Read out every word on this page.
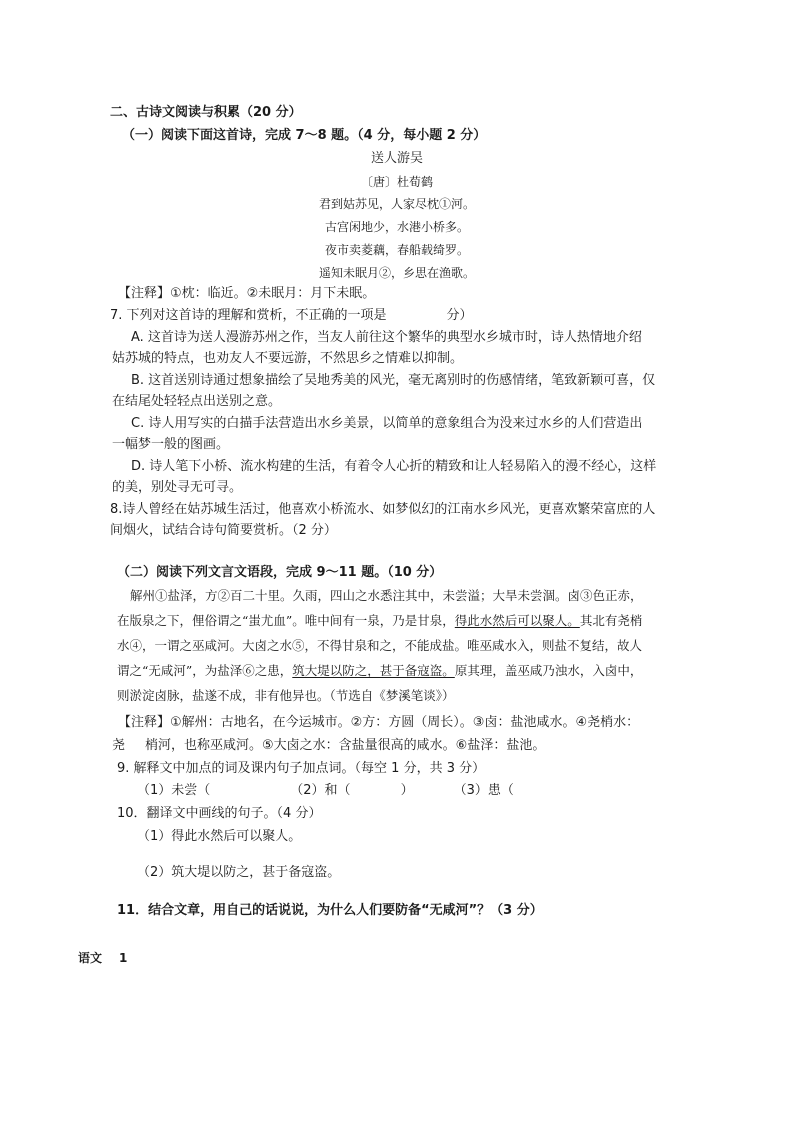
二、古诗文阅读与积累（20 分）
（一）阅读下面这首诗，完成 7～8 题。（4 分，每小题 2 分）
送人游吴
〔唐〕杜荀鹤
君到姑苏见，人家尽枕①河。
古宫闲地少，水港小桥多。
夜市卖菱藕，春船载绮罗。
遥知未眠月②，乡思在渔歌。
【注释】①枕：临近。②未眠月：月下未眠。
7. 下列对这首诗的理解和赏析，不正确的一项是	分）
A. 这首诗为送人漫游苏州之作，当友人前往这个繁华的典型水乡城市时，诗人热情地介绍
姑苏城的特点，也劝友人不要远游，不然思乡之情难以抑制。
B. 这首送别诗通过想象描绘了吴地秀美的风光，毫无离别时的伤感情绪，笔致新颖可喜，仅
在结尾处轻轻点出送别之意。
C. 诗人用写实的白描手法营造出水乡美景，以简单的意象组合为没来过水乡的人们营造出
一幅梦一般的图画。
D. 诗人笔下小桥、流水构建的生活，有着令人心折的精致和让人轻易陷入的漫不经心，这样
的美，别处寻无可寻。
8.诗人曾经在姑苏城生活过，他喜欢小桥流水、如梦似幻的江南水乡风光，更喜欢繁荣富庶的人
间烟火，试结合诗句简要赏析。（2 分）
（二）阅读下列文言文语段，完成 9～11 题。（10 分）
解州①盐泽，方②百二十里。久雨，四山之水悉注其中，未尝溢；大旱未尝涸。卤③色正赤，
在版泉之下，俚俗谓之“蚩尤血”。唯中间有一泉，乃是甘泉，得此水然后可以聚人。其北有尧梢
水④，一谓之巫咸河。大卤之水⑤，不得甘泉和之，不能成盐。唯巫咸水入，则盐不复结，故人
谓之“无咸河”，为盐泽⑥之患，筑大堤以防之，甚于备寇盗。原其理，盖巫咸乃浊水，入卤中，
则淤淀卤脉，盐遂不成，非有他异也。（节选自《梦溪笔谈》）
【注释】①解州：古地名，在今运城市。②方：方圆（周长）。③卤：盐池咸水。④尧梢水：
尧 梢河，也称巫咸河。⑤大卤之水：含盐量很高的咸水。⑥盐泽：盐池。
9. 解释文中加点的词及课内句子加点词。（每空 1 分，共 3 分）
（1）未尝（	（2）和（	）	（3）患（
10．翻译文中画线的句子。（4 分）
（1）得此水然后可以聚人。
（2）筑大堤以防之，甚于备寇盗。
11．结合文章，用自己的话说说，为什么人们要防备“无咸河”？（3 分）
语文 1
